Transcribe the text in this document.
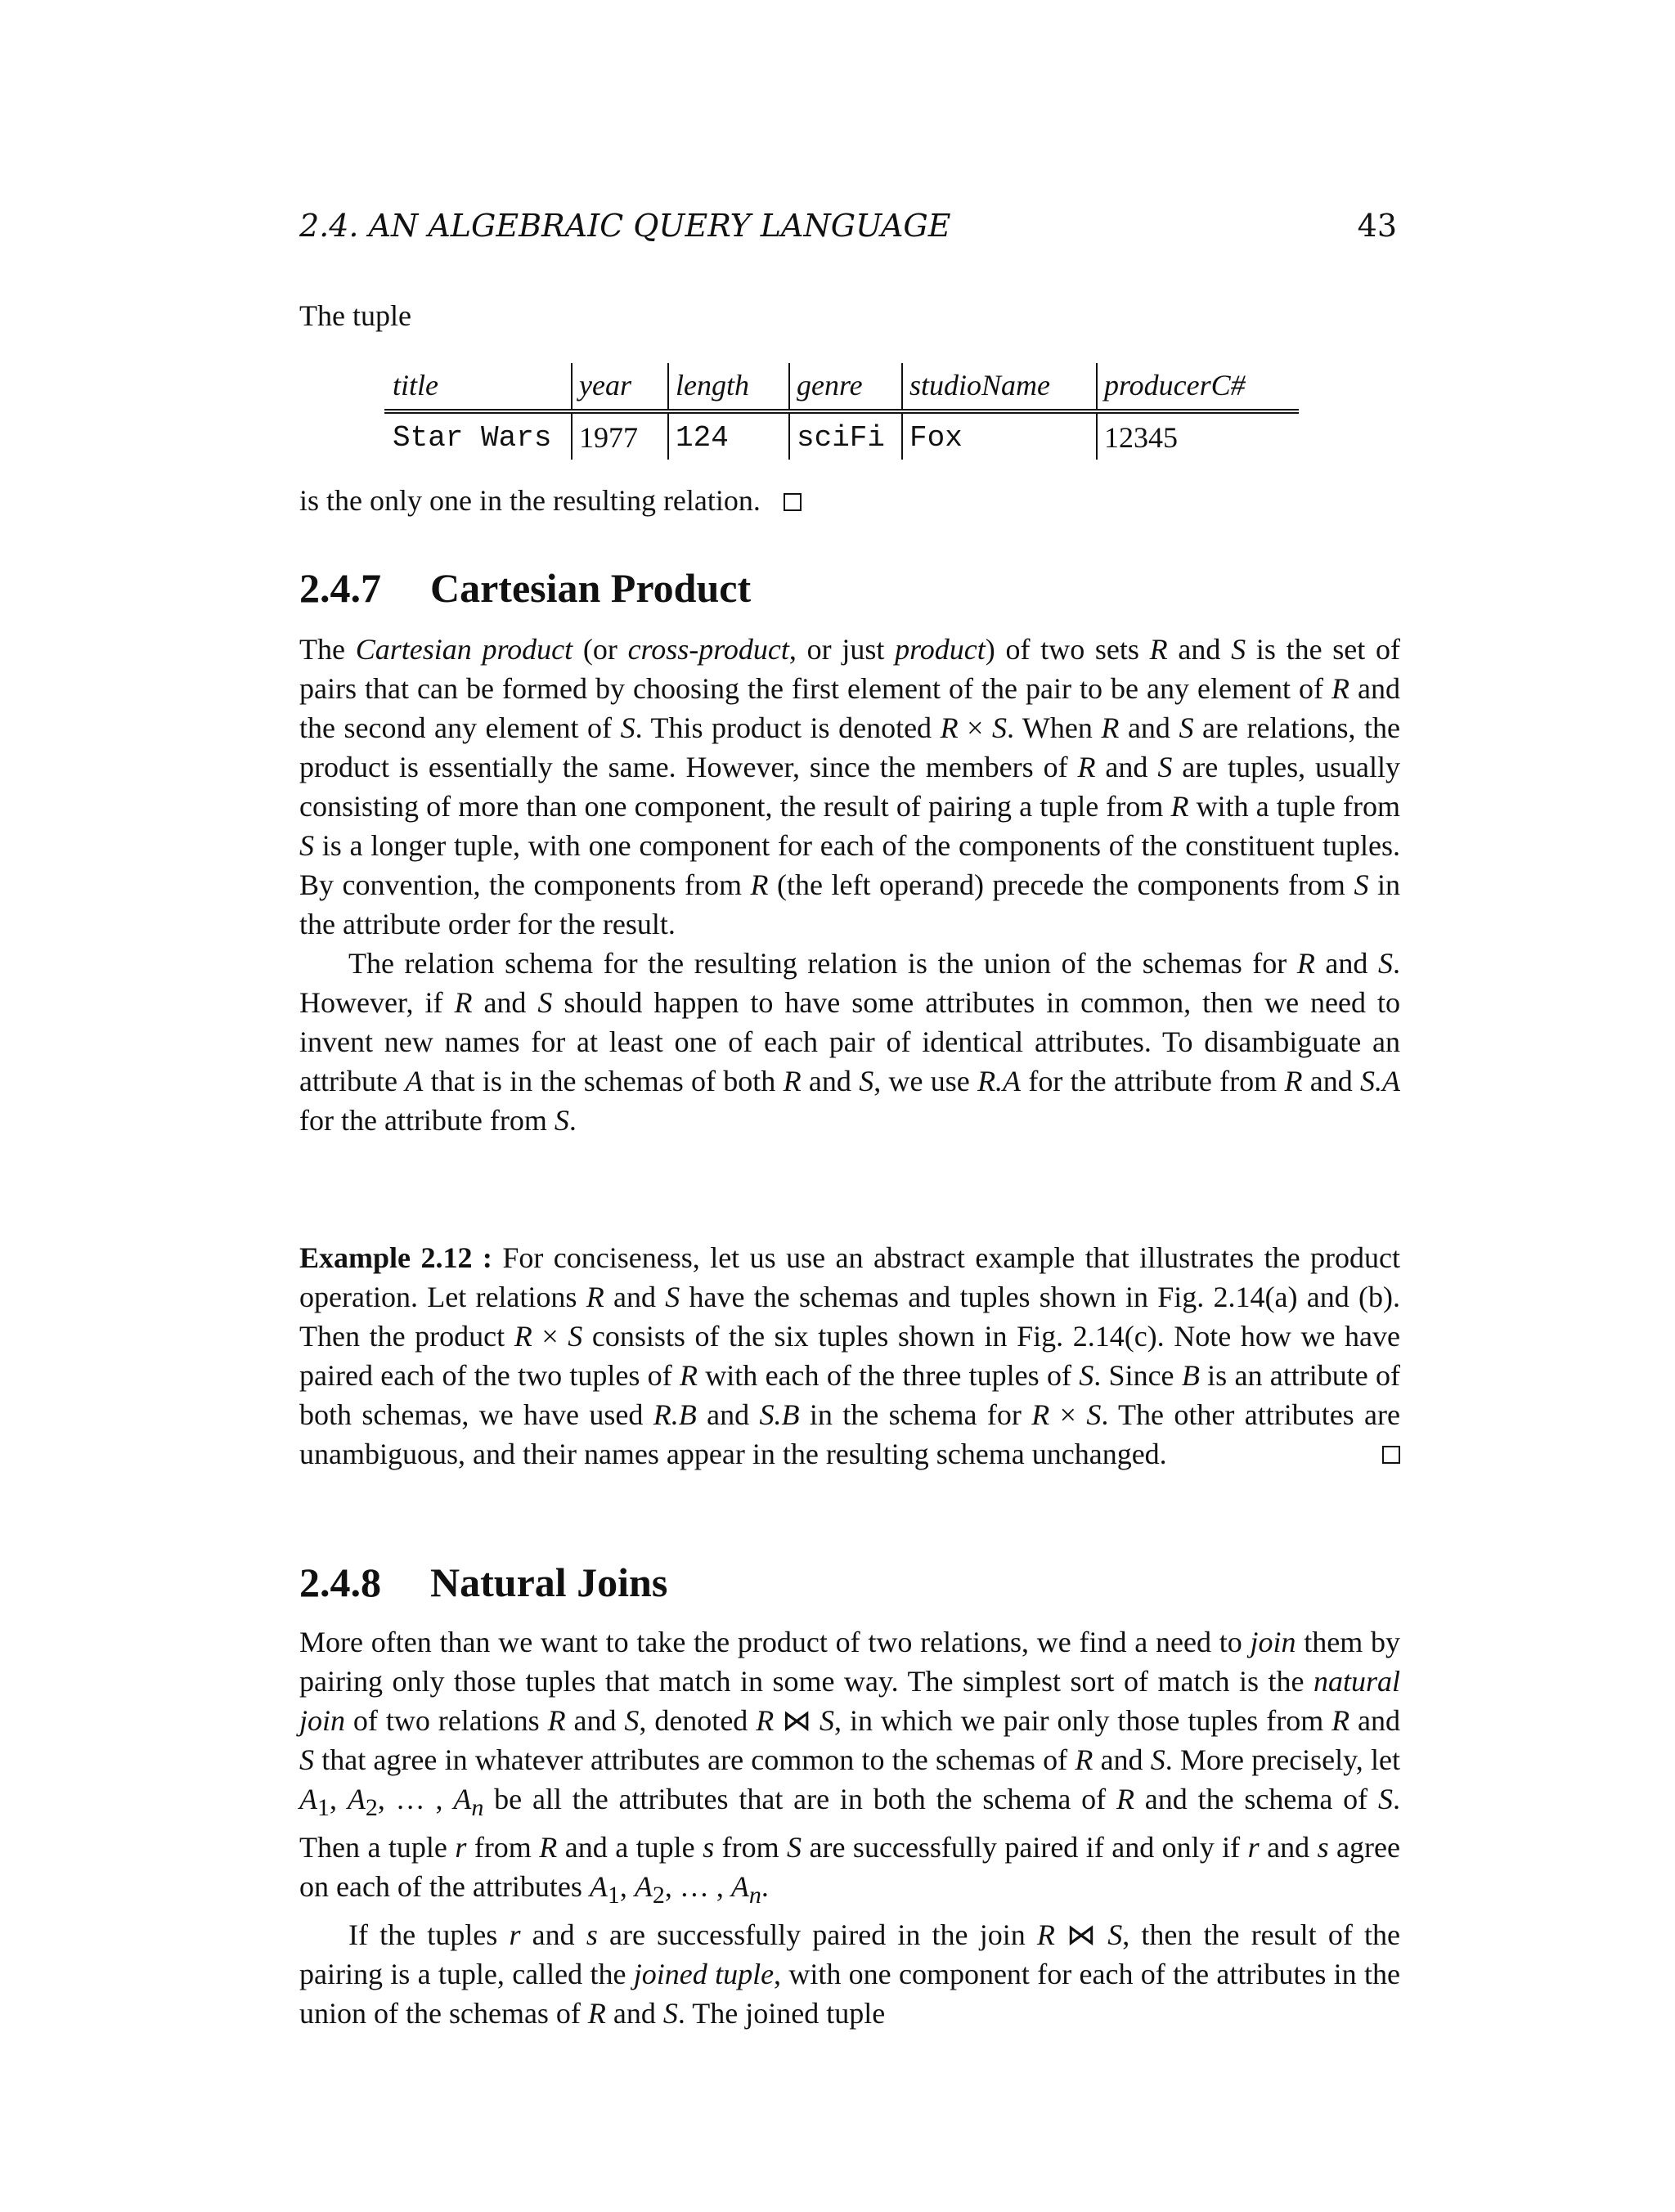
2.4. AN ALGEBRAIC QUERY LANGUAGE	43
The tuple
title	year	length	genre	studioName	producerC#
Star Wars	1977	124	sciFi	Fox	12345
is the only one in the resulting relation.
2.4.7 Cartesian Product
The Cartesian product (or cross-product, or just product) of two sets R and S is the set of pairs that can be formed by choosing the first element of the pair to be any element of R and the second any element of S. This product is denoted R × S. When R and S are relations, the product is essentially the same. However, since the members of R and S are tuples, usually consisting of more than one component, the result of pairing a tuple from R with a tuple from S is a longer tuple, with one component for each of the components of the constituent tuples. By convention, the components from R (the left operand) precede the components from S in the attribute order for the result.
The relation schema for the resulting relation is the union of the schemas for R and S. However, if R and S should happen to have some attributes in common, then we need to invent new names for at least one of each pair of identical attributes. To disambiguate an attribute A that is in the schemas of both R and S, we use R.A for the attribute from R and S.A for the attribute from S.
Example 2.12 : For conciseness, let us use an abstract example that illustrates the product operation. Let relations R and S have the schemas and tuples shown in Fig. 2.14(a) and (b). Then the product R × S consists of the six tuples shown in Fig. 2.14(c). Note how we have paired each of the two tuples of R with each of the three tuples of S. Since B is an attribute of both schemas, we have used R.B and S.B in the schema for R × S. The other attributes are unambiguous, and their names appear in the resulting schema unchanged.
2.4.8 Natural Joins
More often than we want to take the product of two relations, we find a need to join them by pairing only those tuples that match in some way. The simplest sort of match is the natural join of two relations R and S, denoted R ⋈ S, in which we pair only those tuples from R and S that agree in whatever attributes are common to the schemas of R and S. More precisely, let $A_1$, $A_2$, … , $A_n$ be all the attributes that are in both the schema of R and the schema of S. Then a tuple r from R and a tuple s from S are successfully paired if and only if r and s agree on each of the attributes $A_1$, $A_2$, … , $A_n$.
If the tuples r and s are successfully paired in the join R ⋈ S, then the result of the pairing is a tuple, called the joined tuple, with one component for each of the attributes in the union of the schemas of R and S. The joined tuple
